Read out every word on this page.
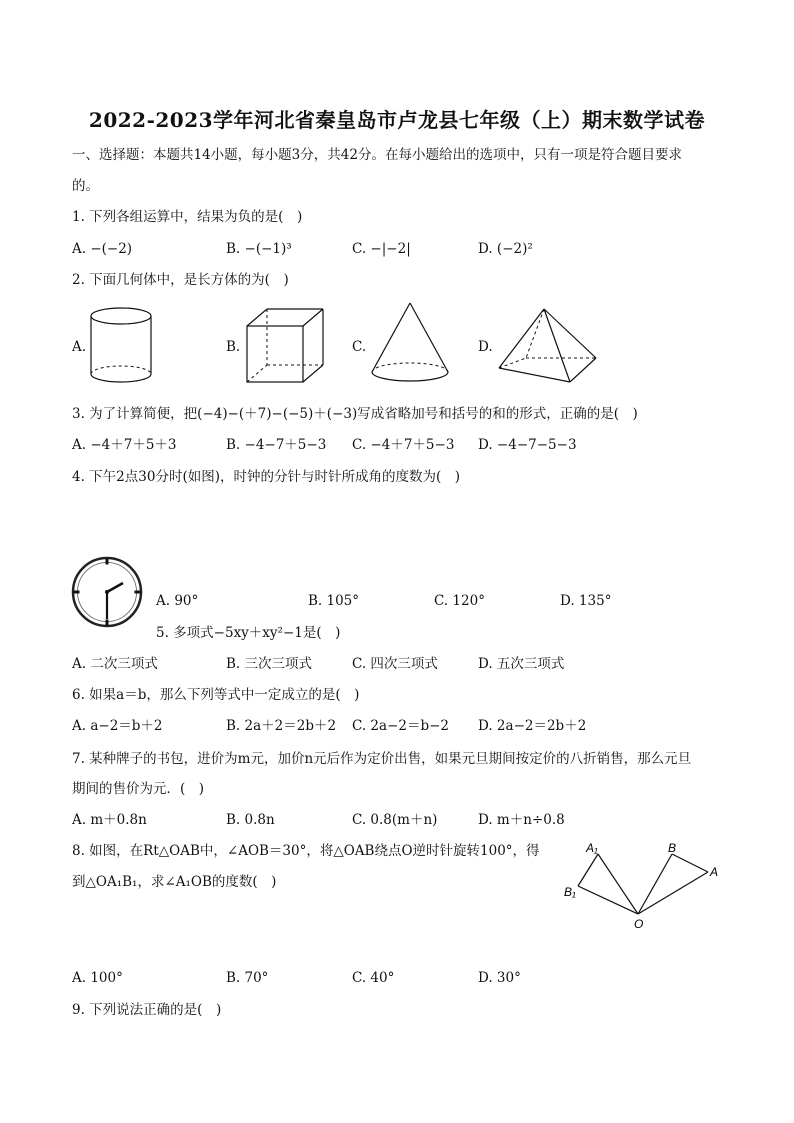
2022-2023学年河北省秦皇岛市卢龙县七年级（上）期末数学试卷
一、选择题：本题共14小题，每小题3分，共42分。在每小题给出的选项中，只有一项是符合题目要求
的。
1. 下列各组运算中，结果为负的是(　)
A. −(−2)	B. −(−1)³	C. −|−2|	D. (−2)²
2. 下面几何体中，是长方体的为(　)
A.	B.	C.	D.
3. 为了计算简便，把(−4)−(＋7)−(−5)＋(−3)写成省略加号和括号的和的形式，正确的是(　)
A. −4＋7＋5＋3	B. −4−7＋5−3 C. −4＋7＋5−3 D. −4−7−5−3
4. 下午2点30分时(如图)，时钟的分针与时针所成角的度数为(　)
A. 90°	B. 105°	C. 120°	D. 135°
5. 多项式−5xy＋xy²−1是(　)
A. 二次三项式	B. 三次三项式	C. 四次三项式	D. 五次三项式
6. 如果a＝b，那么下列等式中一定成立的是(　)
A. a−2＝b＋2	B. 2a＋2＝2b＋2 C. 2a−2＝b−2 D. 2a−2＝2b＋2
7. 某种牌子的书包，进价为m元，加价n元后作为定价出售，如果元旦期间按定价的八折销售，那么元旦
期间的售价为元．(　)
A. m＋0.8n	B. 0.8n	C. 0.8(m＋n)	D. m＋n÷0.8
8. 如图，在Rt△OAB中，∠AOB＝30°，将△OAB绕点O逆时针旋转100°，得
到△OA₁B₁，求∠A₁OB的度数(　)
A₁
B₁
B
A
O
A. 100°	B. 70°	C. 40°	D. 30°
9. 下列说法正确的是(　)
